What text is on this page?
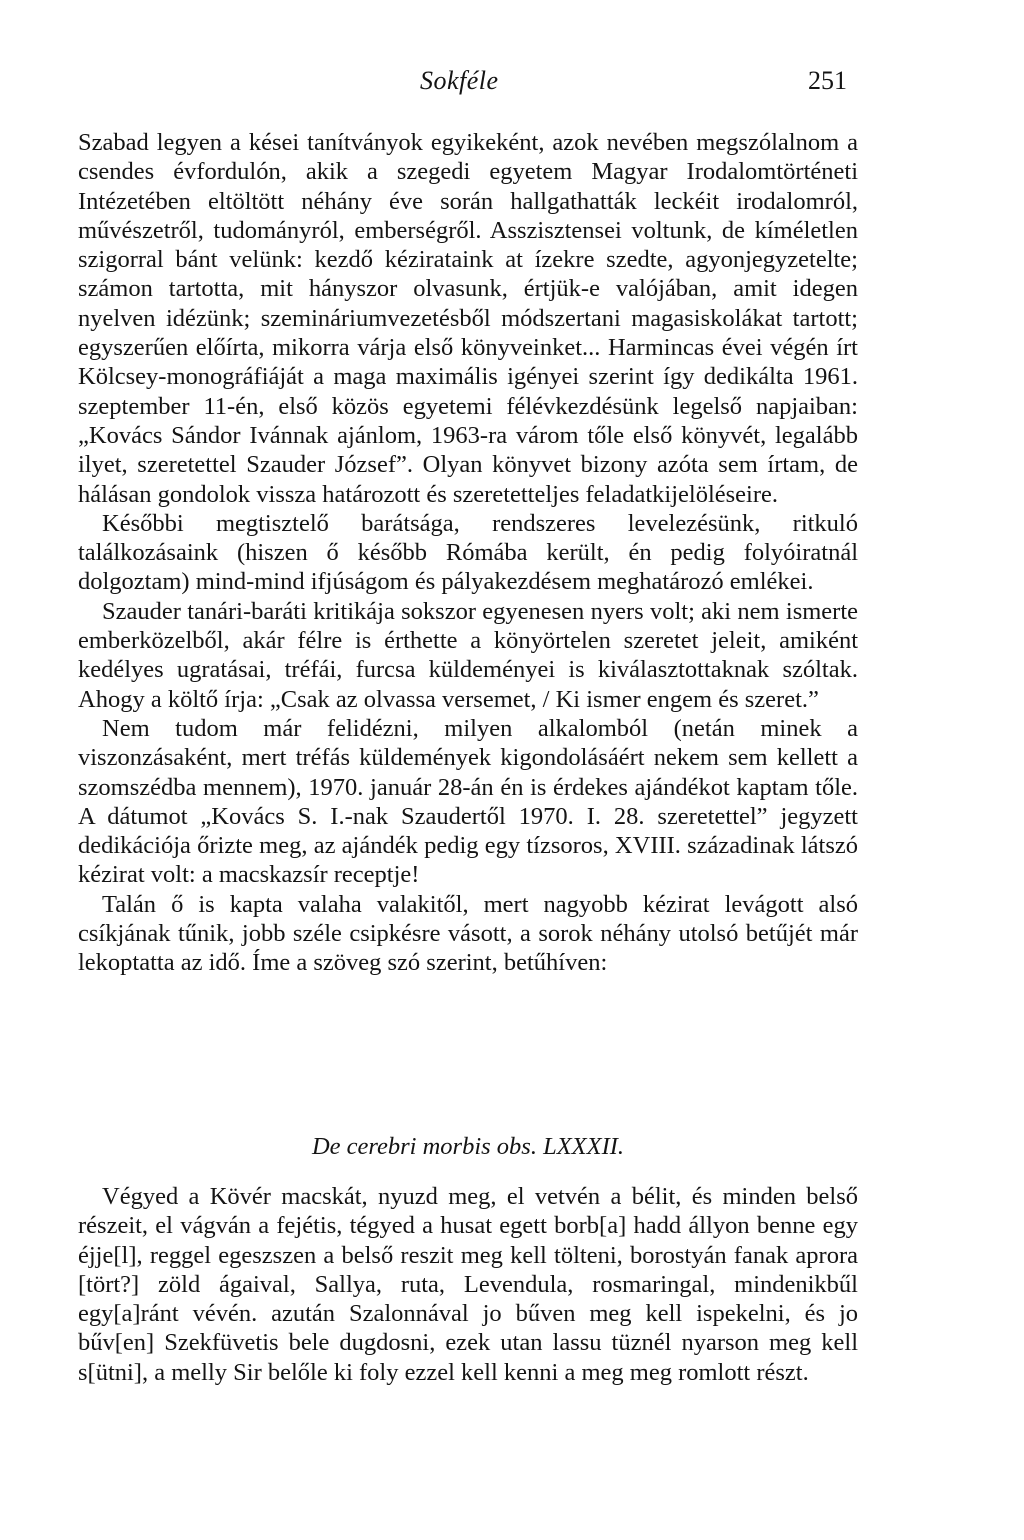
Sokféle	251

Szabad legyen a kései tanítványok egyikeként, azok nevében megszólalnom a csendes évfordulón, akik a szegedi egyetem Magyar Irodalomtörténeti Intézetében eltöltött néhány éve során hallgathatták leckéit irodalomról, művészetről, tudományról, emberségről. Asszisztensei voltunk, de kíméletlen szigorral bánt velünk: kezdő kézirataink at ízekre szedte, agyonjegyzetelte; számon tartotta, mit hányszor olvasunk, értjük-e valójában, amit idegen nyelven idézünk; szemináriumvezetésből módszertani magasiskolákat tartott; egyszerűen előírta, mikorra várja első könyveinket... Harmincas évei végén írt Kölcsey-monográfiáját a maga maximális igényei szerint így dedikálta 1961. szeptember 11-én, első közös egyetemi félévkezdésünk legelső napjaiban: „Kovács Sándor Ivánnak ajánlom, 1963-ra várom tőle első könyvét, legalább ilyet, szeretettel Szauder József”. Olyan könyvet bizony azóta sem írtam, de hálásan gondolok vissza határozott és szeretetteljes feladatkijelöléseire.

Későbbi megtisztelő barátsága, rendszeres levelezésünk, ritkuló találkozásaink (hiszen ő később Rómába került, én pedig folyóiratnál dolgoztam) mind-mind ifjúságom és pályakezdésem meghatározó emlékei.

Szauder tanári-baráti kritikája sokszor egyenesen nyers volt; aki nem ismerte emberközelből, akár félre is érthette a könyörtelen szeretet jeleit, amiként kedélyes ugratásai, tréfái, furcsa küldeményei is kiválasztottaknak szóltak. Ahogy a költő írja: „Csak az olvassa versemet, / Ki ismer engem és szeret.”

Nem tudom már felidézni, milyen alkalomból (netán minek a viszonzásaként, mert tréfás küldemények kigondolásáért nekem sem kellett a szomszédba mennem), 1970. január 28-án én is érdekes ajándékot kaptam tőle. A dátumot „Kovács S. I.-nak Szaudertől 1970. I. 28. szeretettel” jegyzett dedikációja őrizte meg, az ajándék pedig egy tízsoros, XVIII. századinak látszó kézirat volt: a macskazsír receptje!

Talán ő is kapta valaha valakitől, mert nagyobb kézirat levágott alsó csíkjának tűnik, jobb széle csipkésre vásott, a sorok néhány utolsó betűjét már lekoptatta az idő. Íme a szöveg szó szerint, betűhíven:

De cerebri morbis obs. LXXXII.

Végyed a Kövér macskát, nyuzd meg, el vetvén a bélit, és minden belső részeit, el vágván a fejétis, tégyed a husat egett borb[a] hadd állyon benne egy éjje[l], reggel egeszszen a belső reszit meg kell tölteni, borostyán fanak aprora [tört?] zöld ágaival, Sallya, ruta, Levendula, rosmaringal, mindenikbűl egy[a]ránt vévén. azután Szalonnával jo bűven meg kell ispekelni, és jo bűv[en] Szekfüvetis bele dugdosni, ezek utan lassu tüznél nyarson meg kell s[ütni], a melly Sir belőle ki foly ezzel kell kenni a meg meg romlott részt.
